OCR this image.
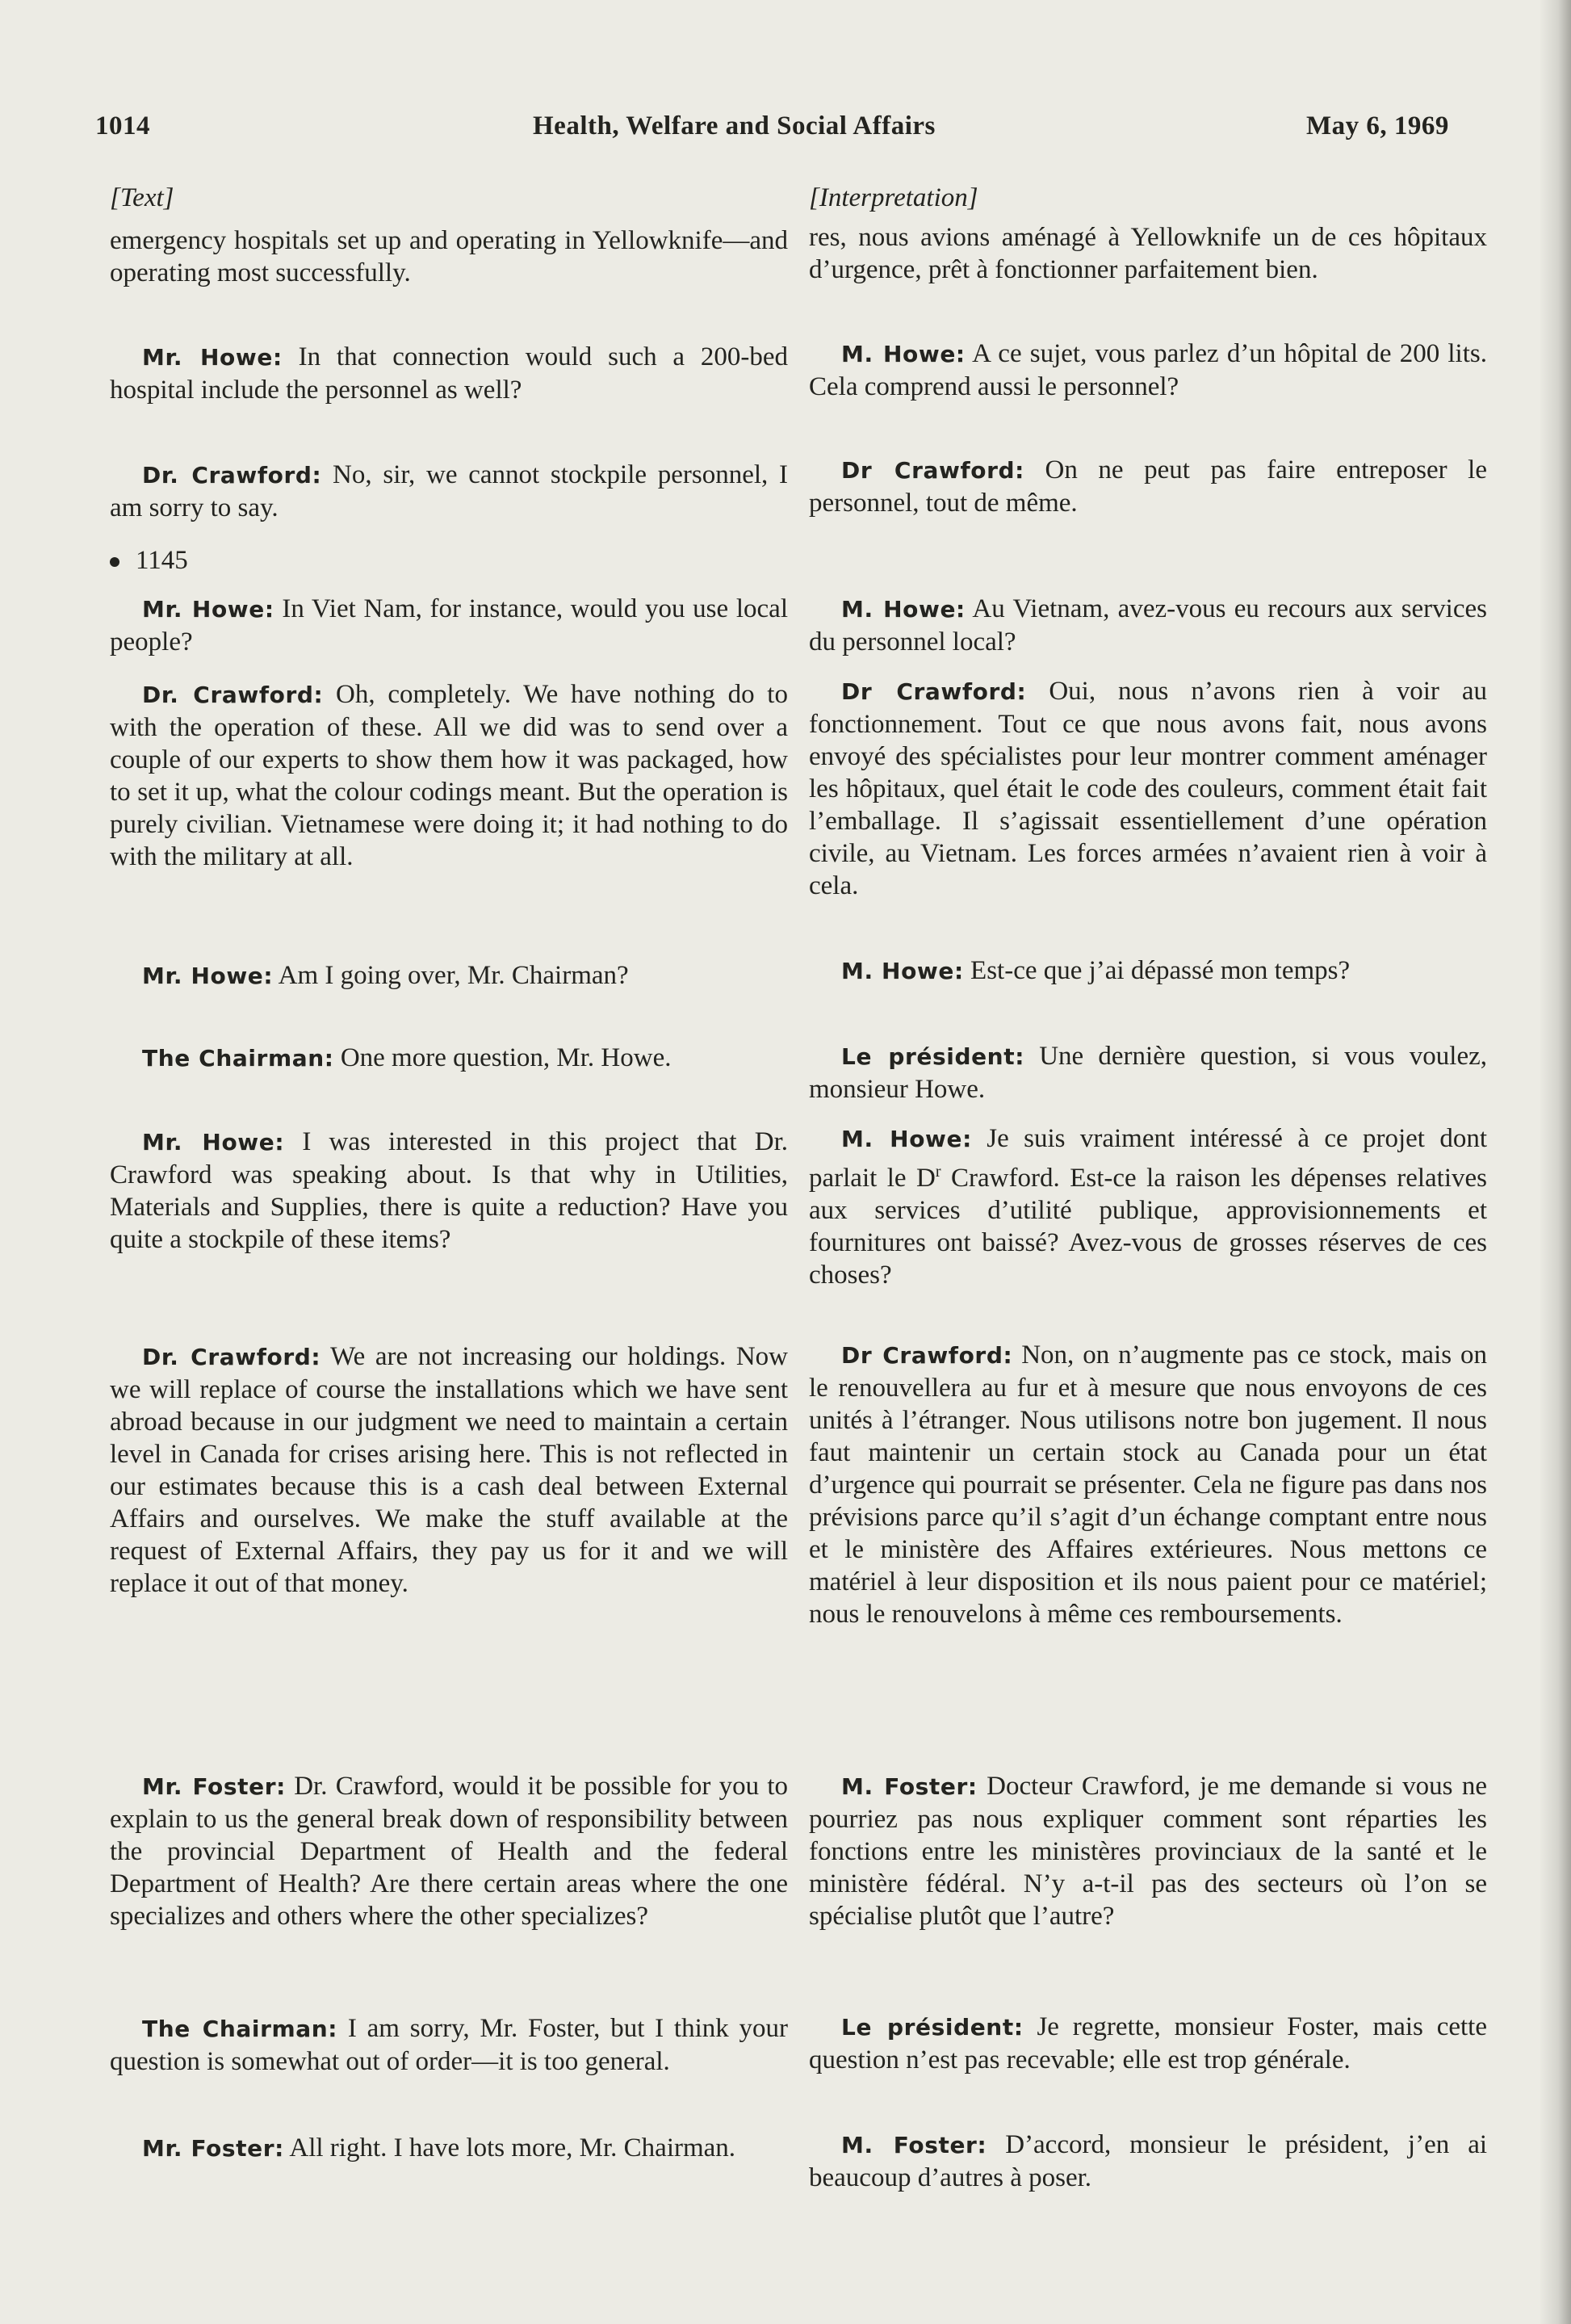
1014	Health, Welfare and Social Affairs	May 6, 1969
[Text]
emergency hospitals set up and operating in Yellowknife—and operating most successfully.
Mr. Howe: In that connection would such a 200-bed hospital include the personnel as well?
Dr. Crawford: No, sir, we cannot stockpile personnel, I am sorry to say.
1145
Mr. Howe: In Viet Nam, for instance, would you use local people?
Dr. Crawford: Oh, completely. We have nothing do to with the operation of these. All we did was to send over a couple of our experts to show them how it was packaged, how to set it up, what the colour codings meant. But the operation is purely civilian. Vietnamese were doing it; it had nothing to do with the military at all.
Mr. Howe: Am I going over, Mr. Chairman?
The Chairman: One more question, Mr. Howe.
Mr. Howe: I was interested in this project that Dr. Crawford was speaking about. Is that why in Utilities, Materials and Supplies, there is quite a reduction? Have you quite a stockpile of these items?
Dr. Crawford: We are not increasing our holdings. Now we will replace of course the installations which we have sent abroad because in our judgment we need to maintain a certain level in Canada for crises arising here. This is not reflected in our estimates because this is a cash deal between External Affairs and ourselves. We make the stuff available at the request of External Affairs, they pay us for it and we will replace it out of that money.
Mr. Foster: Dr. Crawford, would it be possible for you to explain to us the general break down of responsibility between the provincial Department of Health and the federal Department of Health? Are there certain areas where the one specializes and others where the other specializes?
The Chairman: I am sorry, Mr. Foster, but I think your question is somewhat out of order—it is too general.
Mr. Foster: All right. I have lots more, Mr. Chairman.
[Interpretation]
res, nous avions aménagé à Yellowknife un de ces hôpitaux d’urgence, prêt à fonctionner parfaitement bien.
M. Howe: A ce sujet, vous parlez d’un hôpital de 200 lits. Cela comprend aussi le personnel?
Dr Crawford: On ne peut pas faire entreposer le personnel, tout de même.
M. Howe: Au Vietnam, avez-vous eu recours aux services du personnel local?
Dr Crawford: Oui, nous n’avons rien à voir au fonctionnement. Tout ce que nous avons fait, nous avons envoyé des spécialistes pour leur montrer comment aménager les hôpitaux, quel était le code des couleurs, comment était fait l’emballage. Il s’agissait essentiellement d’une opération civile, au Vietnam. Les forces armées n’avaient rien à voir à cela.
M. Howe: Est-ce que j’ai dépassé mon temps?
Le président: Une dernière question, si vous voulez, monsieur Howe.
M. Howe: Je suis vraiment intéressé à ce projet dont parlait le $D^r$ Crawford. Est-ce la raison les dépenses relatives aux services d’utilité publique, approvisionnements et fournitures ont baissé? Avez-vous de grosses réserves de ces choses?
Dr Crawford: Non, on n’augmente pas ce stock, mais on le renouvellera au fur et à mesure que nous envoyons de ces unités à l’étranger. Nous utilisons notre bon jugement. Il nous faut maintenir un certain stock au Canada pour un état d’urgence qui pourrait se présenter. Cela ne figure pas dans nos prévisions parce qu’il s’agit d’un échange comptant entre nous et le ministère des Affaires extérieures. Nous mettons ce matériel à leur disposition et ils nous paient pour ce matériel; nous le renouvelons à même ces remboursements.
M. Foster: Docteur Crawford, je me demande si vous ne pourriez pas nous expliquer comment sont réparties les fonctions entre les ministères provinciaux de la santé et le ministère fédéral. N’y a-t-il pas des secteurs où l’on se spécialise plutôt que l’autre?
Le président: Je regrette, monsieur Foster, mais cette question n’est pas recevable; elle est trop générale.
M. Foster: D’accord, monsieur le président, j’en ai beaucoup d’autres à poser.
